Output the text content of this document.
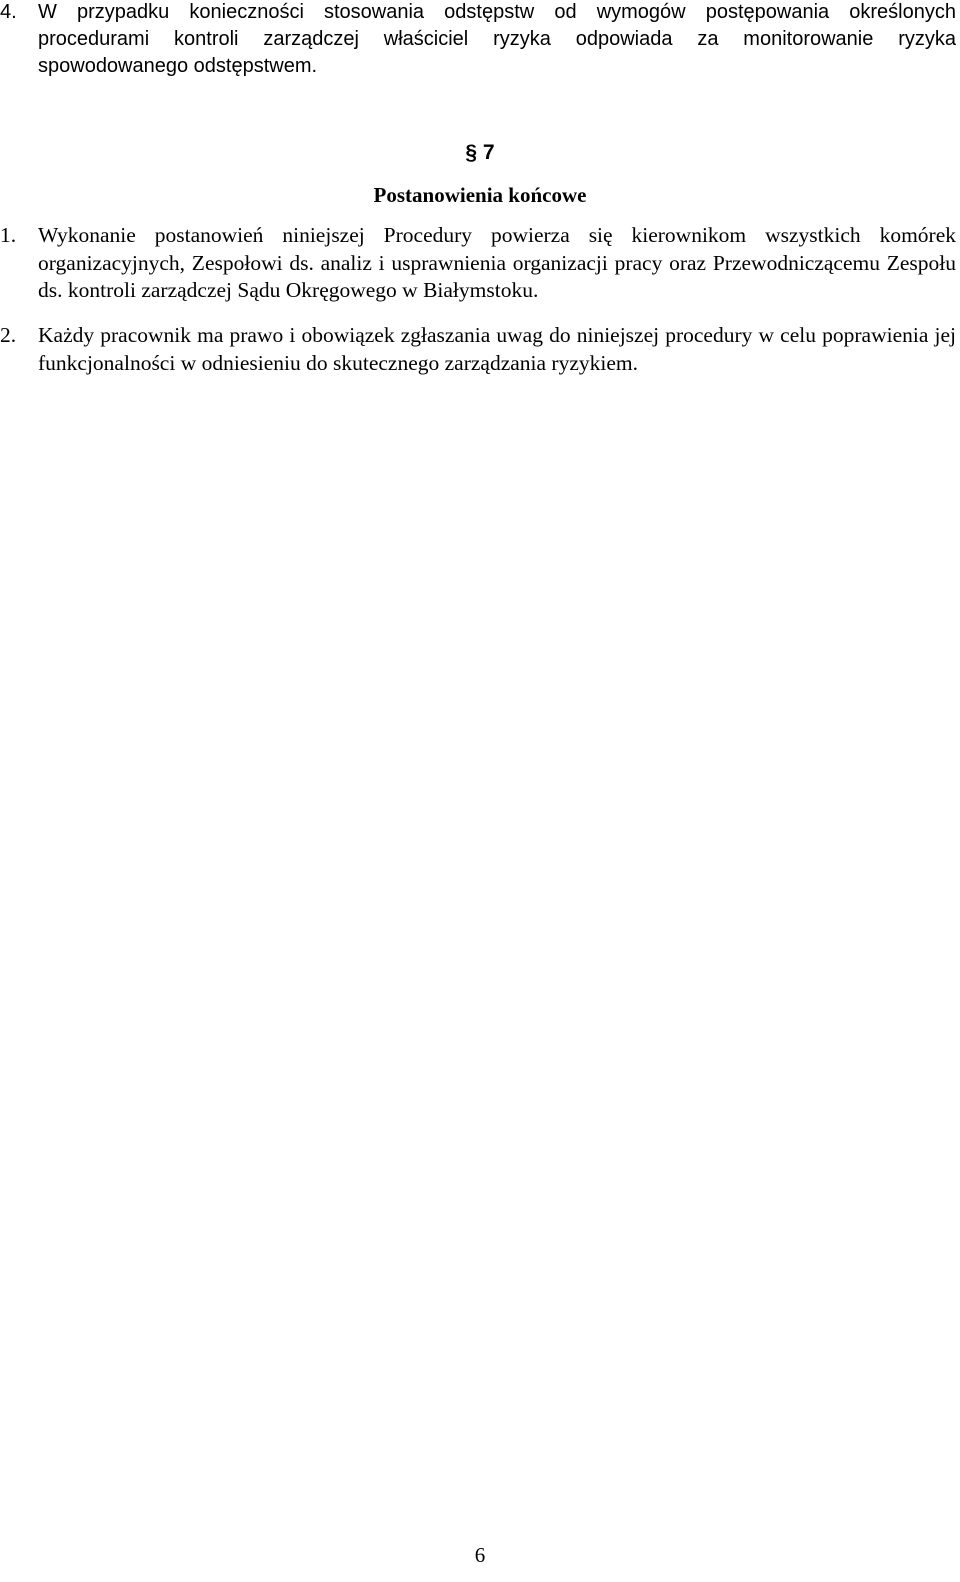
4. W przypadku konieczności stosowania odstępstw od wymogów postępowania określonych procedurami kontroli zarządczej właściciel ryzyka odpowiada za monitorowanie ryzyka spowodowanego odstępstwem.
§ 7
Postanowienia końcowe
1. Wykonanie postanowień niniejszej Procedury powierza się kierownikom wszystkich komórek organizacyjnych, Zespołowi ds. analiz i usprawnienia organizacji pracy oraz Przewodniczącemu Zespołu ds. kontroli zarządczej Sądu Okręgowego w Białymstoku.
2. Każdy pracownik ma prawo i obowiązek zgłaszania uwag do niniejszej procedury w celu poprawienia jej funkcjonalności w odniesieniu do skutecznego zarządzania ryzykiem.
6
